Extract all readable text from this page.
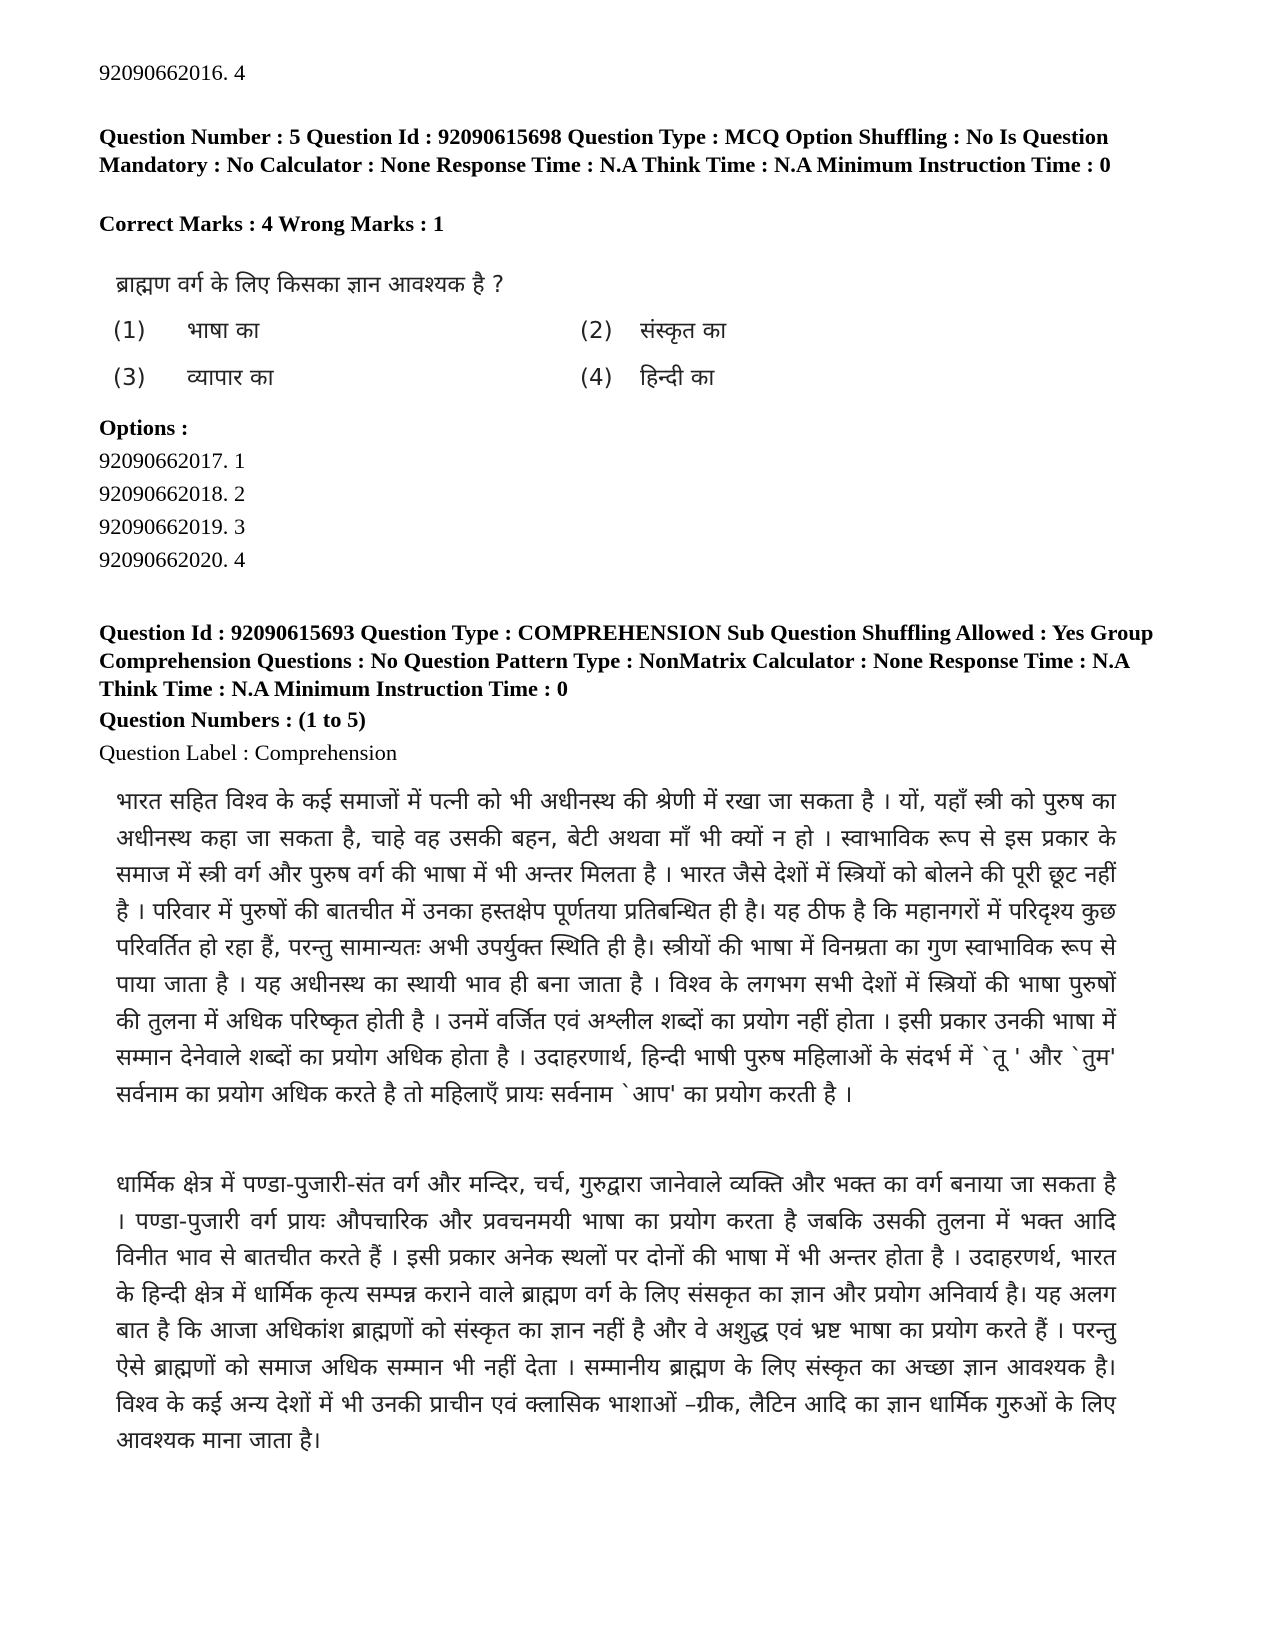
92090662016. 4
Question Number : 5 Question Id : 92090615698 Question Type : MCQ Option Shuffling : No Is Question Mandatory : No Calculator : None Response Time : N.A Think Time : N.A Minimum Instruction Time : 0
Correct Marks : 4 Wrong Marks : 1
ब्राह्मण वर्ग के लिए किसका ज्ञान आवश्यक है ?
(1) भाषा का	(2) संस्कृत का
(3) व्यापार का	(4) हिन्दी का
Options :
92090662017. 1
92090662018. 2
92090662019. 3
92090662020. 4
Question Id : 92090615693 Question Type : COMPREHENSION Sub Question Shuffling Allowed : Yes Group Comprehension Questions : No Question Pattern Type : NonMatrix Calculator : None Response Time : N.A Think Time : N.A Minimum Instruction Time : 0
Question Numbers : (1 to 5)
Question Label : Comprehension

भारत सहित विश्व के कई समाजों में पत्नी को भी अधीनस्थ की श्रेणी में रखा जा सकता है । यों, यहाँ स्त्री को पुरुष का अधीनस्थ कहा जा सकता है, चाहे वह उसकी बहन, बेटी अथवा माँ भी क्यों न हो । स्वाभाविक रूप से इस प्रकार के समाज में स्त्री वर्ग और पुरुष वर्ग की भाषा में भी अन्तर मिलता है । भारत जैसे देशों में स्त्रियों को बोलने की पूरी छूट नहीं है । परिवार में पुरुषों की बातचीत में उनका हस्तक्षेप पूर्णतया प्रतिबन्धित ही है। यह ठीफ है कि महानगरों में परिदृश्य कुछ परिवर्तित हो रहा हैं, परन्तु सामान्यतः अभी उपर्युक्त स्थिति ही है। स्त्रीयों की भाषा में विनम्रता का गुण स्वाभाविक रूप से पाया जाता है । यह अधीनस्थ का स्थायी भाव ही बना जाता है । विश्व के लगभग सभी देशों में स्त्रियों की भाषा पुरुषों की तुलना में अधिक परिष्कृत होती है । उनमें वर्जित एवं अश्लील शब्दों का प्रयोग नहीं होता । इसी प्रकार उनकी भाषा में सम्मान देनेवाले शब्दों का प्रयोग अधिक होता है । उदाहरणार्थ, हिन्दी भाषी पुरुष महिलाओं के संदर्भ में `तू ' और `तुम' सर्वनाम का प्रयोग अधिक करते है तो महिलाएँ प्रायः सर्वनाम `आप' का प्रयोग करती है ।

धार्मिक क्षेत्र में पण्डा-पुजारी-संत वर्ग और मन्दिर, चर्च, गुरुद्वारा जानेवाले व्यक्ति और भक्त का वर्ग बनाया जा सकता है । पण्डा-पुजारी वर्ग प्रायः औपचारिक और प्रवचनमयी भाषा का प्रयोग करता है जबकि उसकी तुलना में भक्त आदि विनीत भाव से बातचीत करते हैं । इसी प्रकार अनेक स्थलों पर दोनों की भाषा में भी अन्तर होता है । उदाहरणर्थ, भारत के हिन्दी क्षेत्र में धार्मिक कृत्य सम्पन्न कराने वाले ब्राह्मण वर्ग के लिए संसकृत का ज्ञान और प्रयोग अनिवार्य है। यह अलग बात है कि आजा अधिकांश ब्राह्मणों को संस्कृत का ज्ञान नहीं है और वे अशुद्ध एवं भ्रष्ट भाषा का प्रयोग करते हैं । परन्तु ऐसे ब्राह्मणों को समाज अधिक सम्मान भी नहीं देता । सम्मानीय ब्राह्मण के लिए संस्कृत का अच्छा ज्ञान आवश्यक है। विश्व के कई अन्य देशों में भी उनकी प्राचीन एवं क्लासिक भाशाओं –ग्रीक, लैटिन आदि का ज्ञान धार्मिक गुरुओं के लिए आवश्यक माना जाता है।
